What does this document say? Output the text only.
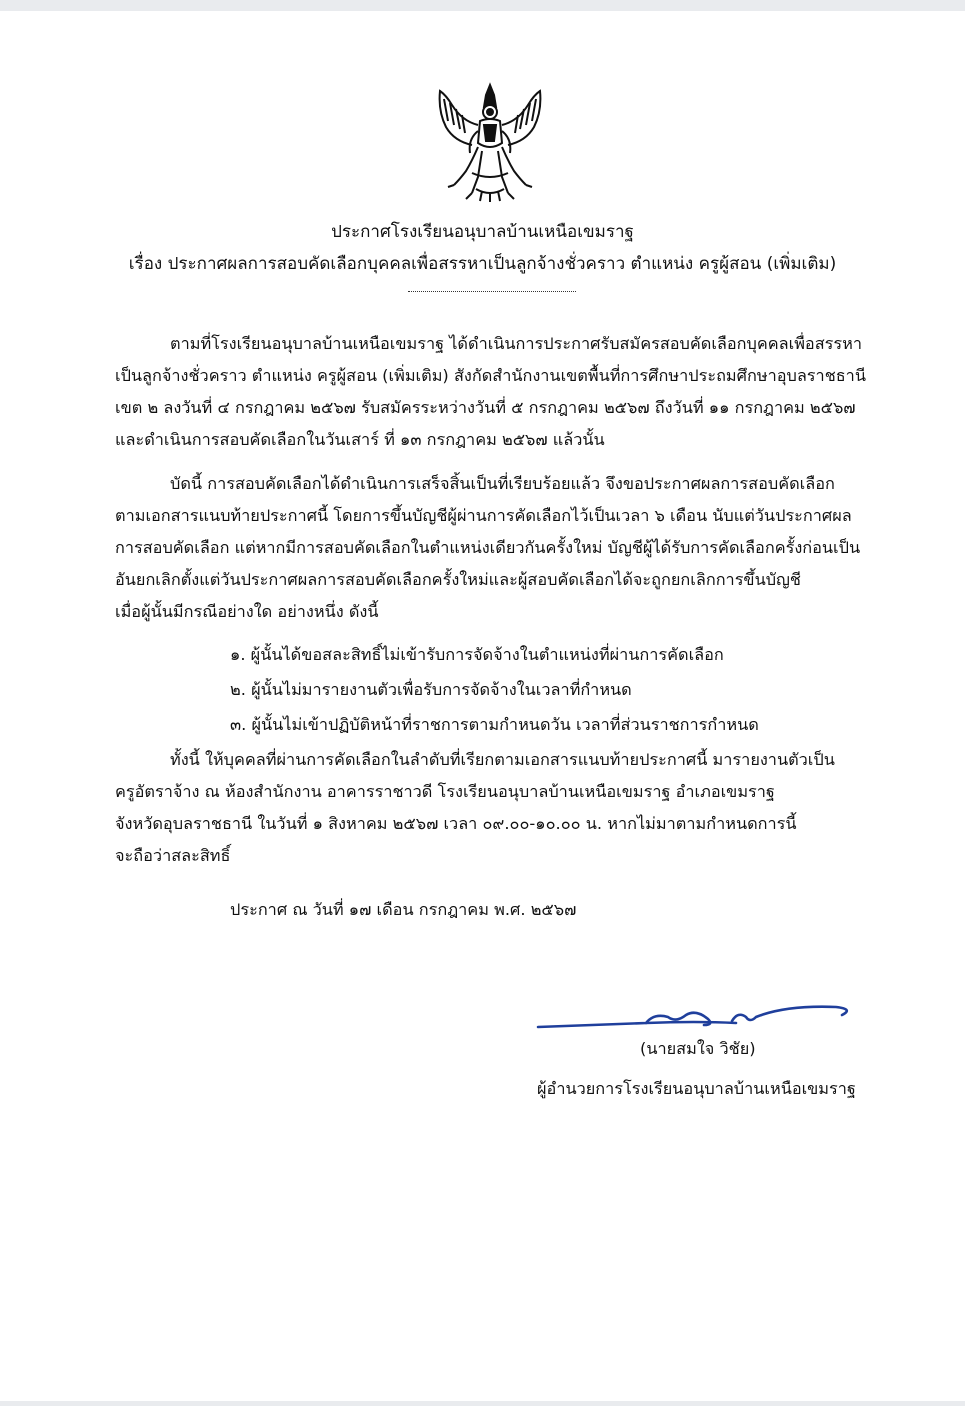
ประกาศโรงเรียนอนุบาลบ้านเหนือเขมราฐ
เรื่อง ประกาศผลการสอบคัดเลือกบุคคลเพื่อสรรหาเป็นลูกจ้างชั่วคราว ตำแหน่ง ครูผู้สอน (เพิ่มเติม)
ตามที่โรงเรียนอนุบาลบ้านเหนือเขมราฐ ได้ดำเนินการประกาศรับสมัครสอบคัดเลือกบุคคลเพื่อสรรหา
เป็นลูกจ้างชั่วคราว ตำแหน่ง ครูผู้สอน (เพิ่มเติม) สังกัดสำนักงานเขตพื้นที่การศึกษาประถมศึกษาอุบลราชธานี
เขต ๒ ลงวันที่ ๔ กรกฎาคม ๒๕๖๗ รับสมัครระหว่างวันที่ ๕ กรกฎาคม ๒๕๖๗ ถึงวันที่ ๑๑ กรกฎาคม ๒๕๖๗
และดำเนินการสอบคัดเลือกในวันเสาร์ ที่ ๑๓ กรกฎาคม ๒๕๖๗ แล้วนั้น
บัดนี้ การสอบคัดเลือกได้ดำเนินการเสร็จสิ้นเป็นที่เรียบร้อยแล้ว จึงขอประกาศผลการสอบคัดเลือก
ตามเอกสารแนบท้ายประกาศนี้ โดยการขึ้นบัญชีผู้ผ่านการคัดเลือกไว้เป็นเวลา ๖ เดือน นับแต่วันประกาศผล
การสอบคัดเลือก แต่หากมีการสอบคัดเลือกในตำแหน่งเดียวกันครั้งใหม่ บัญชีผู้ได้รับการคัดเลือกครั้งก่อนเป็น
อันยกเลิกตั้งแต่วันประกาศผลการสอบคัดเลือกครั้งใหม่และผู้สอบคัดเลือกได้จะถูกยกเลิกการขึ้นบัญชี
เมื่อผู้นั้นมีกรณีอย่างใด อย่างหนึ่ง ดังนี้
๑. ผู้นั้นได้ขอสละสิทธิ์ไม่เข้ารับการจัดจ้างในตำแหน่งที่ผ่านการคัดเลือก
๒. ผู้นั้นไม่มารายงานตัวเพื่อรับการจัดจ้างในเวลาที่กำหนด
๓. ผู้นั้นไม่เข้าปฏิบัติหน้าที่ราชการตามกำหนดวัน เวลาที่ส่วนราชการกำหนด
ทั้งนี้ ให้บุคคลที่ผ่านการคัดเลือกในลำดับที่เรียกตามเอกสารแนบท้ายประกาศนี้ มารายงานตัวเป็น
ครูอัตราจ้าง ณ ห้องสำนักงาน อาคารราชาวดี โรงเรียนอนุบาลบ้านเหนือเขมราฐ อำเภอเขมราฐ
จังหวัดอุบลราชธานี ในวันที่ ๑ สิงหาคม ๒๕๖๗ เวลา ๐๙.๐๐-๑๐.๐๐ น. หากไม่มาตามกำหนดการนี้
จะถือว่าสละสิทธิ์
ประกาศ ณ วันที่ ๑๗ เดือน กรกฎาคม พ.ศ. ๒๕๖๗
(นายสมใจ วิชัย)
ผู้อำนวยการโรงเรียนอนุบาลบ้านเหนือเขมราฐ
